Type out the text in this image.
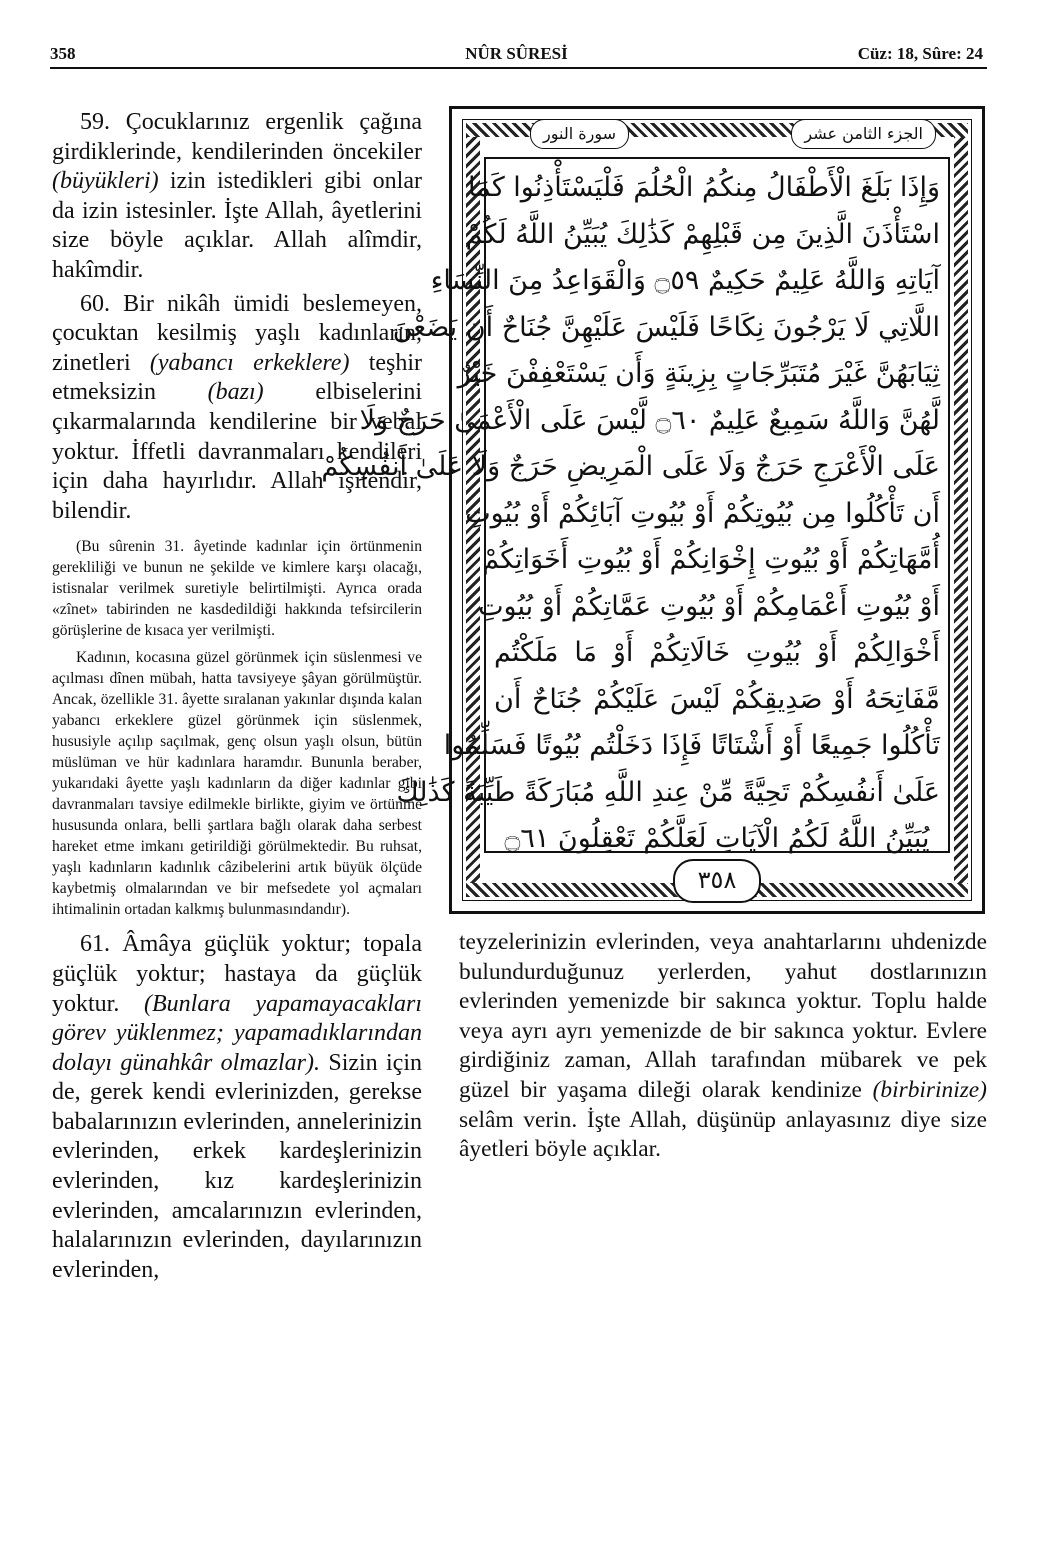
358	NÛR SÛRESİ	Cüz: 18, Sûre: 24

59. Çocuklarınız ergenlik çağına girdiklerinde, kendilerinden öncekiler (büyükleri) izin istedikleri gibi onlar da izin istesinler. İşte Allah, âyetlerini size böyle açıklar. Allah alîmdir, hakîmdir.

60. Bir nikâh ümidi beslemeyen, çocuktan kesilmiş yaşlı kadınların, zinetleri (yabancı erkeklere) teşhir etmeksizin (bazı) elbiselerini çıkarmalarında kendilerine bir vebal yoktur. İffetli davranmaları kendileri için daha hayırlıdır. Allah işitendir, bilendir.

(Bu sûrenin 31. âyetinde kadınlar için örtünmenin gerekliliği ve bunun ne şekilde ve kimlere karşı olacağı, istisnalar verilmek suretiyle belirtilmişti. Ayrıca orada «zînet» tabirinden ne kasdedildiği hakkında tefsircilerin görüşlerine de kısaca yer verilmişti.

Kadının, kocasına güzel görünmek için süslenmesi ve açılması dînen mübah, hatta tavsiyeye şâyan görülmüştür. Ancak, özellikle 31. âyette sıralanan yakınlar dışında kalan yabancı erkeklere güzel görünmek için süslenmek, hususiyle açılıp saçılmak, genç olsun yaşlı olsun, bütün müslüman ve hür kadınlara haramdır. Bununla beraber, yukarıdaki âyette yaşlı kadınların da diğer kadınlar gibi davranmaları tavsiye edilmekle birlikte, giyim ve örtünme hususunda onlara, belli şartlara bağlı olarak daha serbest hareket etme imkanı getirildiği görülmektedir. Bu ruhsat, yaşlı kadınların kadınlık câzibelerini artık büyük ölçüde kaybetmiş olmalarından ve bir mefsedete yol açmaları ihtimalinin ortadan kalkmış bulunmasındandır).

61. Âmâya güçlük yoktur; topala güçlük yoktur; hastaya da güçlük yoktur. (Bunlara yapamayacakları görev yüklenmez; yapamadıklarından dolayı günahkâr olmazlar). Sizin için de, gerek kendi evlerinizden, gerekse babalarınızın evlerinden, annelerinizin evlerinden, erkek kardeşlerinizin evlerinden, kız kardeşlerinizin evlerinden, amcalarınızın evlerinden, halalarınızın evlerinden, dayılarınızın evlerinden,

الجزء الثامن عشر
سورة النور
وَإِذَا بَلَغَ الْأَطْفَالُ مِنكُمُ الْحُلُمَ فَلْيَسْتَأْذِنُوا كَمَا
اسْتَأْذَنَ الَّذِينَ مِن قَبْلِهِمْ كَذَٰلِكَ يُبَيِّنُ اللَّهُ لَكُمْ
آيَاتِهِ وَاللَّهُ عَلِيمٌ حَكِيمٌ ۝٥٩ وَالْقَوَاعِدُ مِنَ النِّسَاءِ
اللَّاتِي لَا يَرْجُونَ نِكَاحًا فَلَيْسَ عَلَيْهِنَّ جُنَاحٌ أَن يَضَعْنَ
ثِيَابَهُنَّ غَيْرَ مُتَبَرِّجَاتٍ بِزِينَةٍ وَأَن يَسْتَعْفِفْنَ خَيْرٌ
لَّهُنَّ وَاللَّهُ سَمِيعٌ عَلِيمٌ ۝٦٠ لَّيْسَ عَلَى الْأَعْمَىٰ حَرَجٌ وَلَا
عَلَى الْأَعْرَجِ حَرَجٌ وَلَا عَلَى الْمَرِيضِ حَرَجٌ وَلَا عَلَىٰ أَنفُسِكُمْ
أَن تَأْكُلُوا مِن بُيُوتِكُمْ أَوْ بُيُوتِ آبَائِكُمْ أَوْ بُيُوتِ
أُمَّهَاتِكُمْ أَوْ بُيُوتِ إِخْوَانِكُمْ أَوْ بُيُوتِ أَخَوَاتِكُمْ
أَوْ بُيُوتِ أَعْمَامِكُمْ أَوْ بُيُوتِ عَمَّاتِكُمْ أَوْ بُيُوتِ
أَخْوَالِكُمْ أَوْ بُيُوتِ خَالَاتِكُمْ أَوْ مَا مَلَكْتُم
مَّفَاتِحَهُ أَوْ صَدِيقِكُمْ لَيْسَ عَلَيْكُمْ جُنَاحٌ أَن
تَأْكُلُوا جَمِيعًا أَوْ أَشْتَاتًا فَإِذَا دَخَلْتُم بُيُوتًا فَسَلِّمُوا
عَلَىٰ أَنفُسِكُمْ تَحِيَّةً مِّنْ عِندِ اللَّهِ مُبَارَكَةً طَيِّبَةً كَذَٰلِكَ
يُبَيِّنُ اللَّهُ لَكُمُ الْآيَاتِ لَعَلَّكُمْ تَعْقِلُونَ ۝٦١
٣٥٨

teyzelerinizin evlerinden, veya anahtarlarını uhdenizde bulundurduğunuz yerlerden, yahut dostlarınızın evlerinden yemenizde bir sakınca yoktur. Toplu halde veya ayrı ayrı yemenizde de bir sakınca yoktur. Evlere girdiğiniz zaman, Allah tarafından mübarek ve pek güzel bir yaşama dileği olarak kendinize (birbirinize) selâm verin. İşte Allah, düşünüp anlayasınız diye size âyetleri böyle açıklar.
